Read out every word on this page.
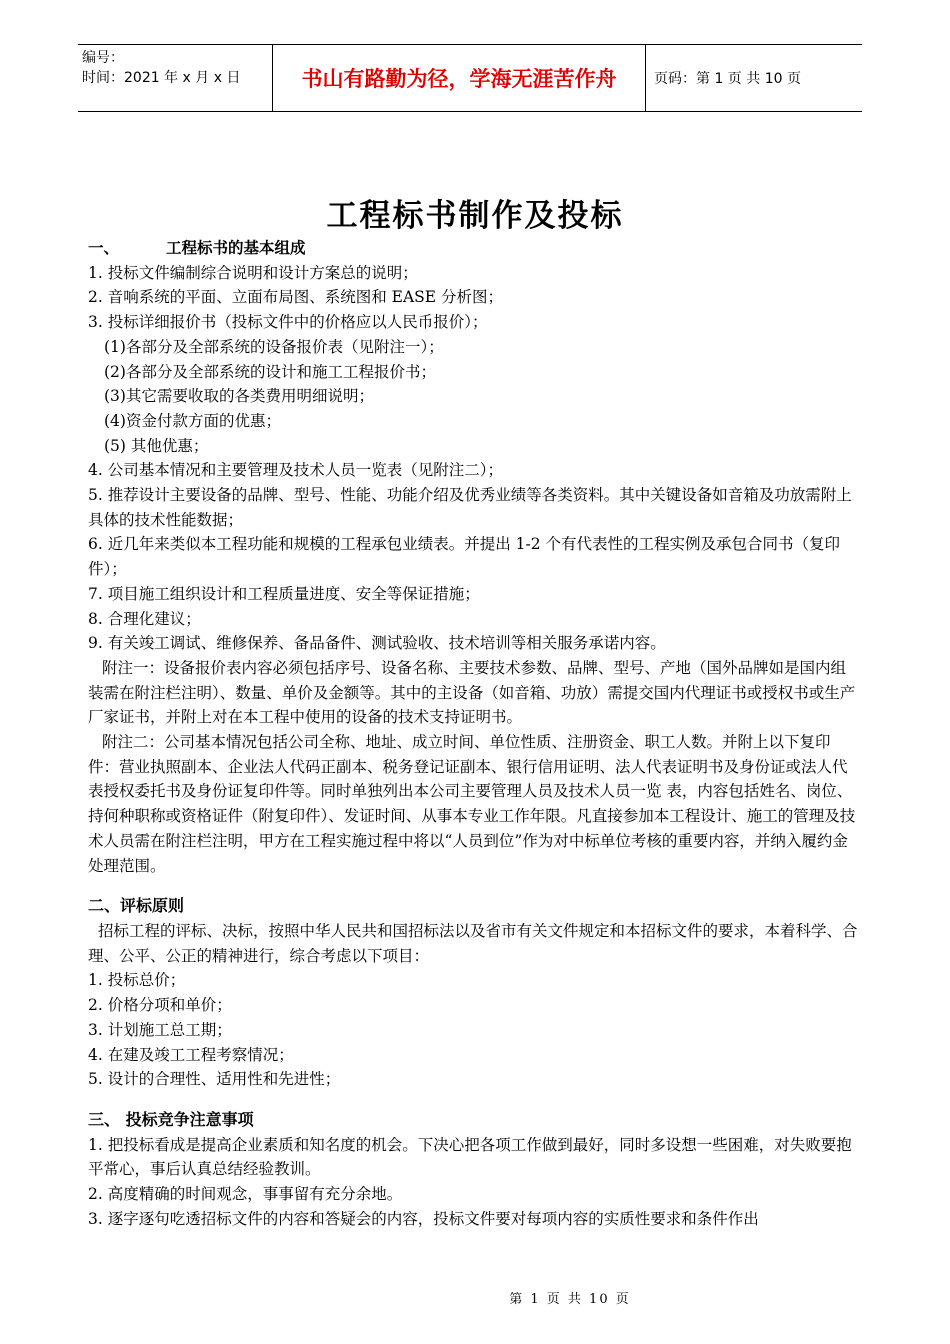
编号：
时间：2021 年 x 月 x 日	书山有路勤为径，学海无涯苦作舟	页码：第 1 页 共 10 页
工程标书制作及投标

一、	工程标书的基本组成

1. 投标文件编制综合说明和设计方案总的说明；

2. 音响系统的平面、立面布局图、系统图和 EASE 分析图；

3. 投标详细报价书（投标文件中的价格应以人民币报价）；

(1)各部分及全部系统的设备报价表（见附注一）；

(2)各部分及全部系统的设计和施工工程报价书；

(3)其它需要收取的各类费用明细说明；

(4)资金付款方面的优惠；

(5) 其他优惠；

4. 公司基本情况和主要管理及技术人员一览表（见附注二）；

5. 推荐设计主要设备的品牌、型号、性能、功能介绍及优秀业绩等各类资料。其中关键设备如音箱及功放需附上具体的技术性能数据；

6. 近几年来类似本工程功能和规模的工程承包业绩表。并提出 1-2 个有代表性的工程实例及承包合同书（复印件）；

7. 项目施工组织设计和工程质量进度、安全等保证措施；

8. 合理化建议；

9. 有关竣工调试、维修保养、备品备件、测试验收、技术培训等相关服务承诺内容。

附注一：设备报价表内容必须包括序号、设备名称、主要技术参数、品牌、型号、产地（国外品牌如是国内组装需在附注栏注明）、数量、单价及金额等。其中的主设备（如音箱、功放）需提交国内代理证书或授权书或生产厂家证书，并附上对在本工程中使用的设备的技术支持证明书。

附注二：公司基本情况包括公司全称、地址、成立时间、单位性质、注册资金、职工人数。并附上以下复印件：营业执照副本、企业法人代码正副本、税务登记证副本、银行信用证明、法人代表证明书及身份证或法人代表授权委托书及身份证复印件等。同时单独列出本公司主要管理人员及技术人员一览 表，内容包括姓名、岗位、持何种职称或资格证件（附复印件）、发证时间、从事本专业工作年限。凡直接参加本工程设计、施工的管理及技术人员需在附注栏注明，甲方在工程实施过程中将以“人员到位”作为对中标单位考核的重要内容，并纳入履约金处理范围。

二、评标原则

招标工程的评标、决标，按照中华人民共和国招标法以及省市有关文件规定和本招标文件的要求，本着科学、合理、公平、公正的精神进行，综合考虑以下项目：

1. 投标总价；

2. 价格分项和单价；

3. 计划施工总工期；

4. 在建及竣工工程考察情况；

5. 设计的合理性、适用性和先进性；

三、 投标竞争注意事项

1. 把投标看成是提高企业素质和知名度的机会。下决心把各项工作做到最好，同时多设想一些困难，对失败要抱平常心，事后认真总结经验教训。

2. 高度精确的时间观念，事事留有充分余地。

3. 逐字逐句吃透招标文件的内容和答疑会的内容，投标文件要对每项内容的实质性要求和条件作出

第 1 页 共 10 页
